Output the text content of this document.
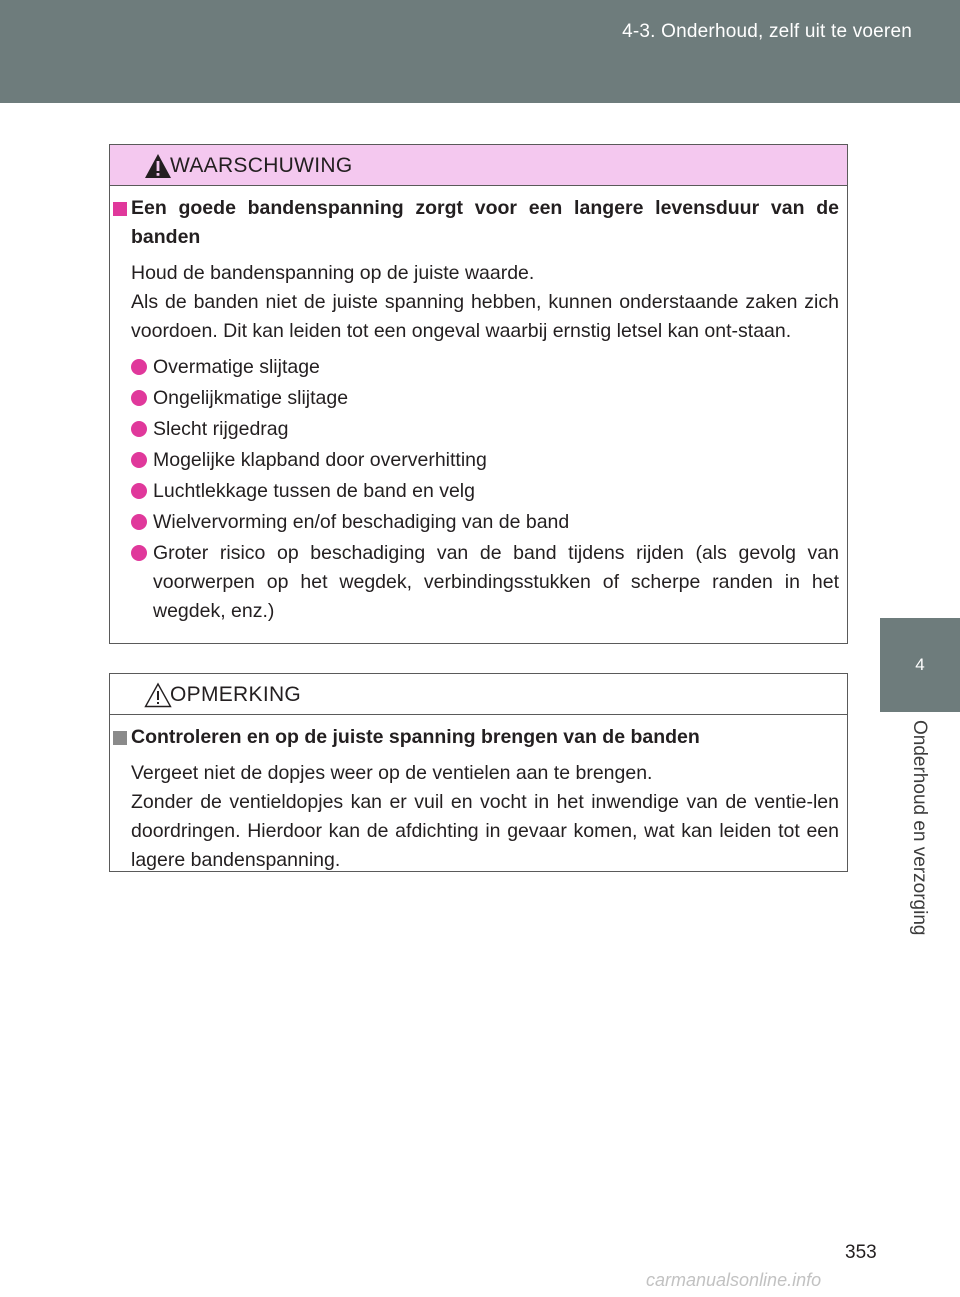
4-3. Onderhoud, zelf uit te voeren
4
Onderhoud en verzorging
WAARSCHUWING
Een goede bandenspanning zorgt voor een langere levensduur van de banden
Houd de bandenspanning op de juiste waarde.
Als de banden niet de juiste spanning hebben, kunnen onderstaande zaken zich voordoen. Dit kan leiden tot een ongeval waarbij ernstig letsel kan ont-staan.
Overmatige slijtage
Ongelijkmatige slijtage
Slecht rijgedrag
Mogelijke klapband door oververhitting
Luchtlekkage tussen de band en velg
Wielvervorming en/of beschadiging van de band
Groter risico op beschadiging van de band tijdens rijden (als gevolg van voorwerpen op het wegdek, verbindingsstukken of scherpe randen in het wegdek, enz.)
OPMERKING
Controleren en op de juiste spanning brengen van de banden
Vergeet niet de dopjes weer op de ventielen aan te brengen.
Zonder de ventieldopjes kan er vuil en vocht in het inwendige van de ventie-len doordringen. Hierdoor kan de afdichting in gevaar komen, wat kan leiden tot een lagere bandenspanning.
353
carmanualsonline.info
